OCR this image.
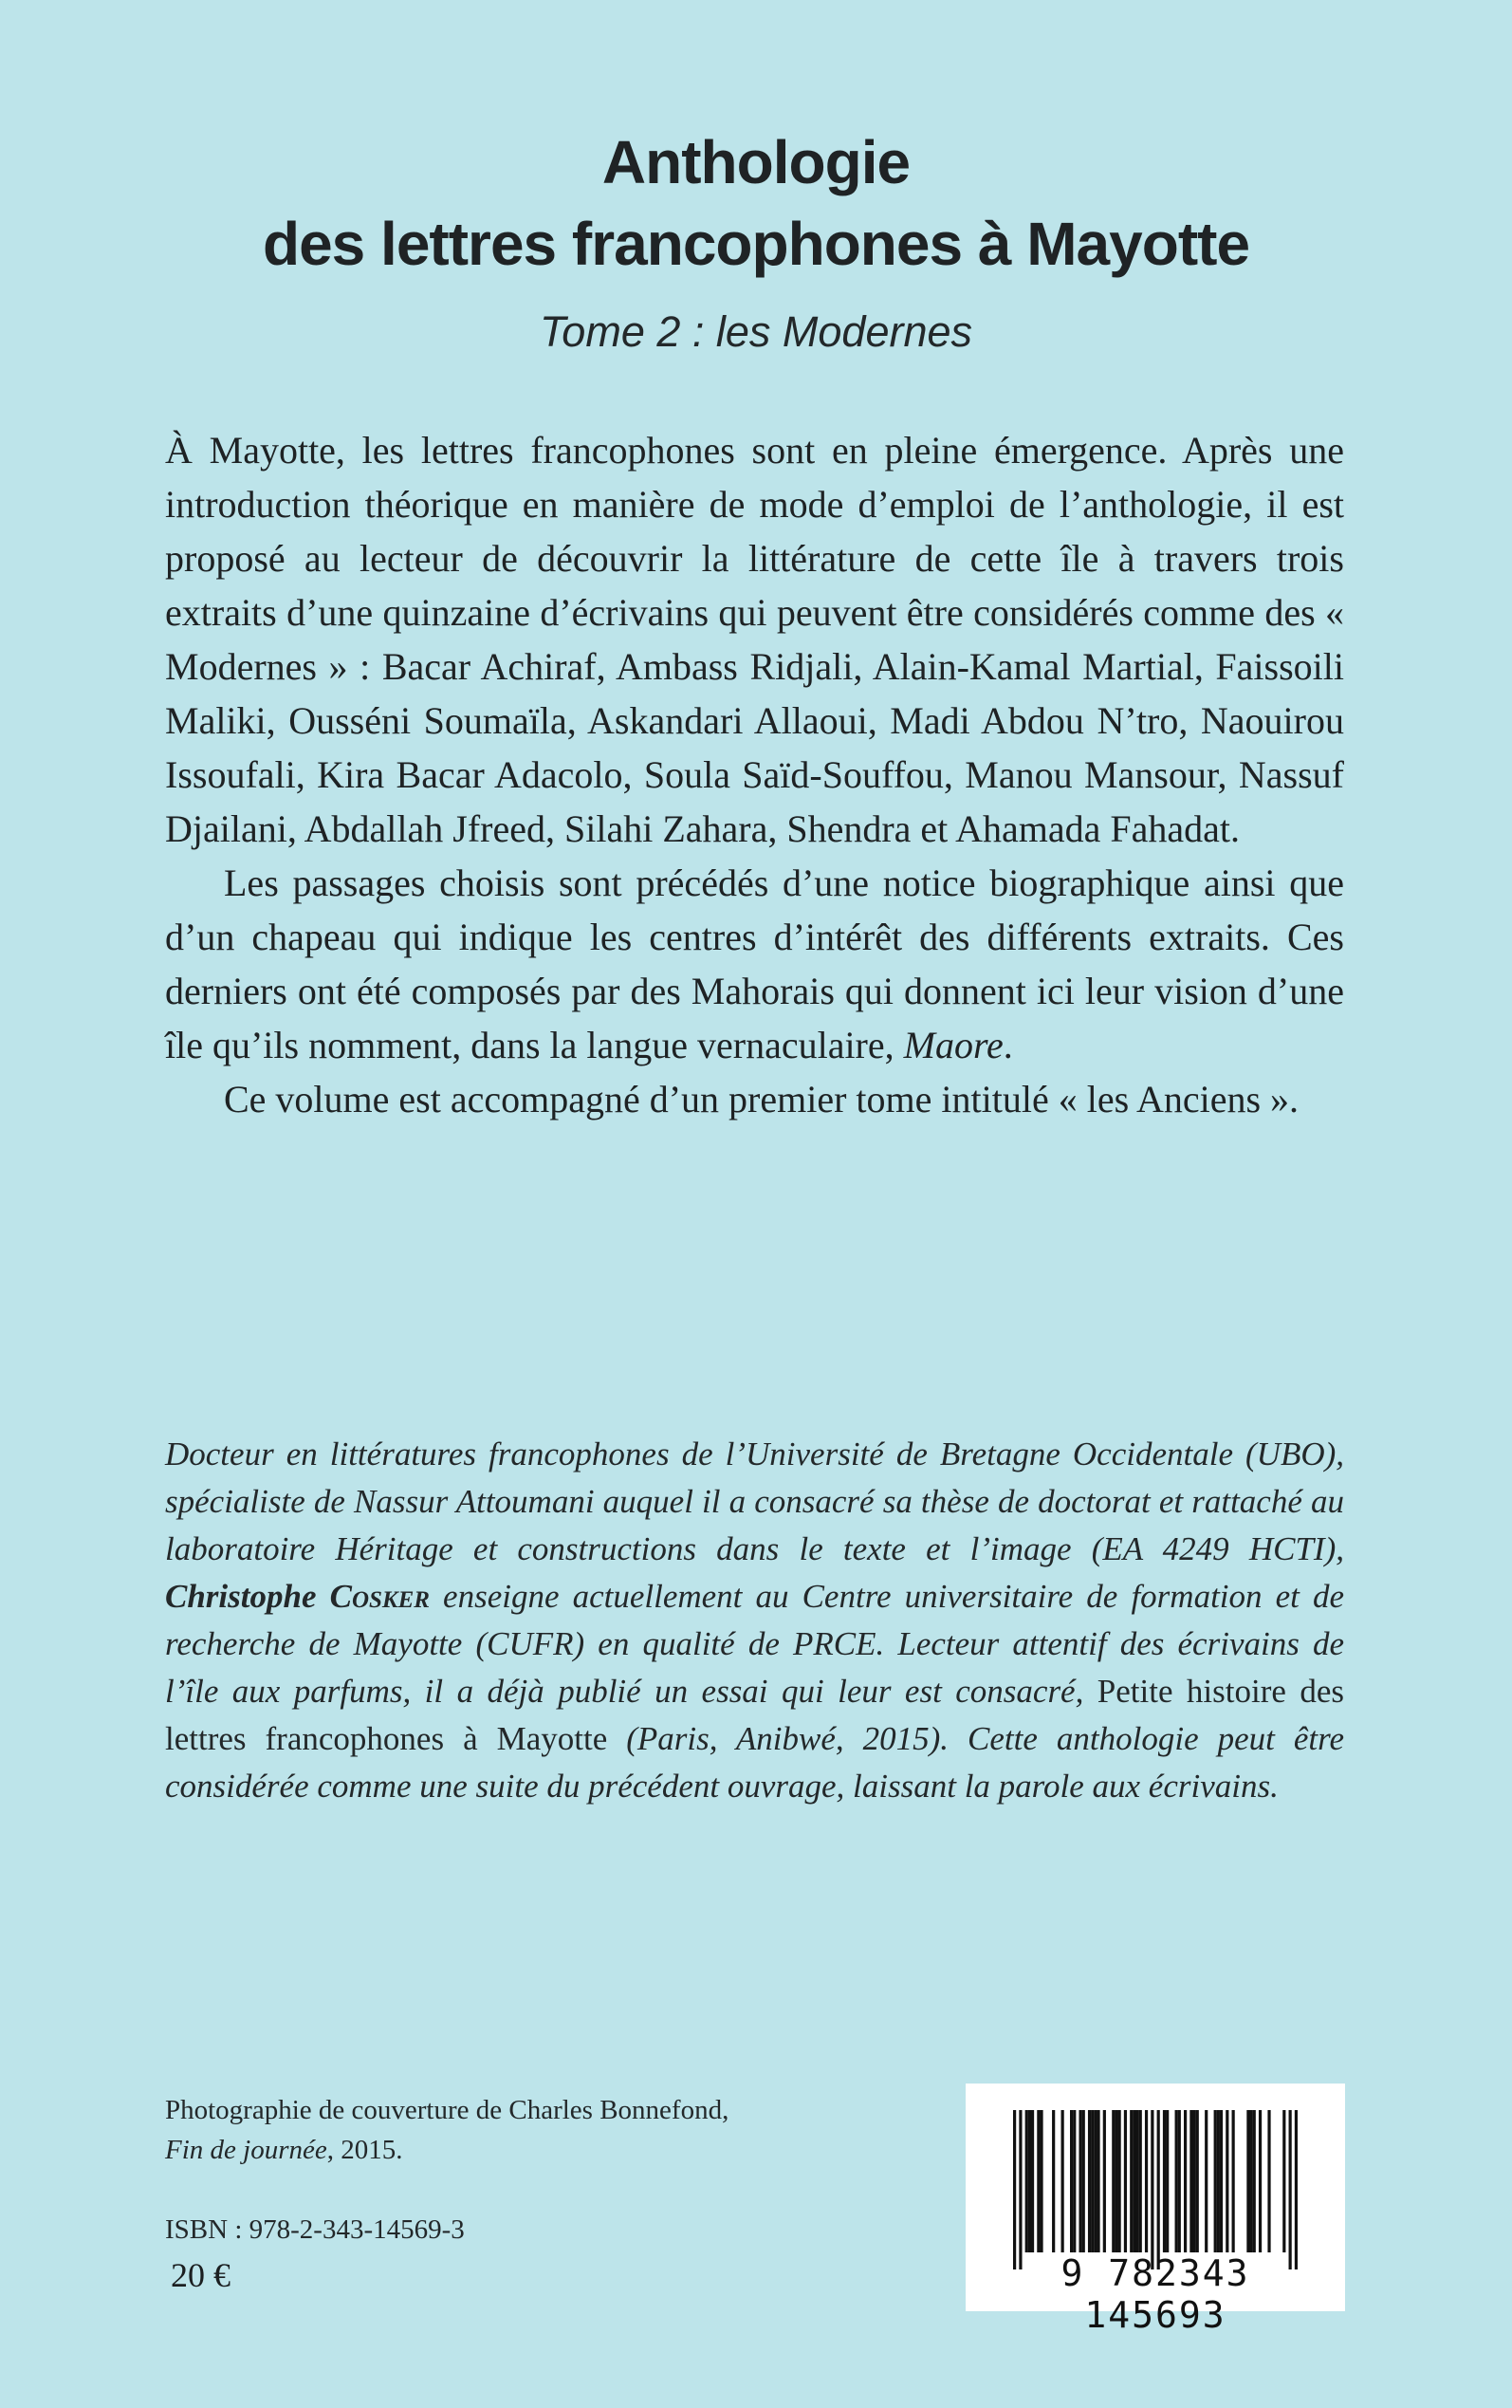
Anthologie
des lettres francophones à Mayotte
Tome 2 : les Modernes

À Mayotte, les lettres francophones sont en pleine émergence. Après une introduction théorique en manière de mode d’emploi de l’anthologie, il est proposé au lecteur de découvrir la littérature de cette île à travers trois extraits d’une quinzaine d’écrivains qui peuvent être considérés comme des « Modernes » : Bacar Achiraf, Ambass Ridjali, Alain-Kamal Martial, Faissoili Maliki, Ousséni Soumaïla, Askandari Allaoui, Madi Abdou N’tro, Naouirou Issoufali, Kira Bacar Adacolo, Soula Saïd-Souffou, Manou Mansour, Nassuf Djailani, Abdallah Jfreed, Silahi Zahara, Shendra et Ahamada Fahadat.

Les passages choisis sont précédés d’une notice biographique ainsi que d’un chapeau qui indique les centres d’intérêt des différents extraits. Ces derniers ont été composés par des Mahorais qui donnent ici leur vision d’une île qu’ils nomment, dans la langue vernaculaire, Maore.

Ce volume est accompagné d’un premier tome intitulé « les Anciens ».

Docteur en littératures francophones de l’Université de Bretagne Occidentale (UBO), spécialiste de Nassur Attoumani auquel il a consacré sa thèse de doctorat et rattaché au laboratoire Héritage et constructions dans le texte et l’image (EA 4249 HCTI), Christophe Cosker enseigne actuellement au Centre universitaire de formation et de recherche de Mayotte (CUFR) en qualité de PRCE. Lecteur attentif des écrivains de l’île aux parfums, il a déjà publié un essai qui leur est consacré, Petite histoire des lettres francophones à Mayotte (Paris, Anibwé, 2015). Cette anthologie peut être considérée comme une suite du précédent ouvrage, laissant la parole aux écrivains.
Photographie de couverture de Charles Bonnefond,
Fin de journée, 2015.
ISBN : 978-2-343-14569-3
20 €	9 782343 145693
